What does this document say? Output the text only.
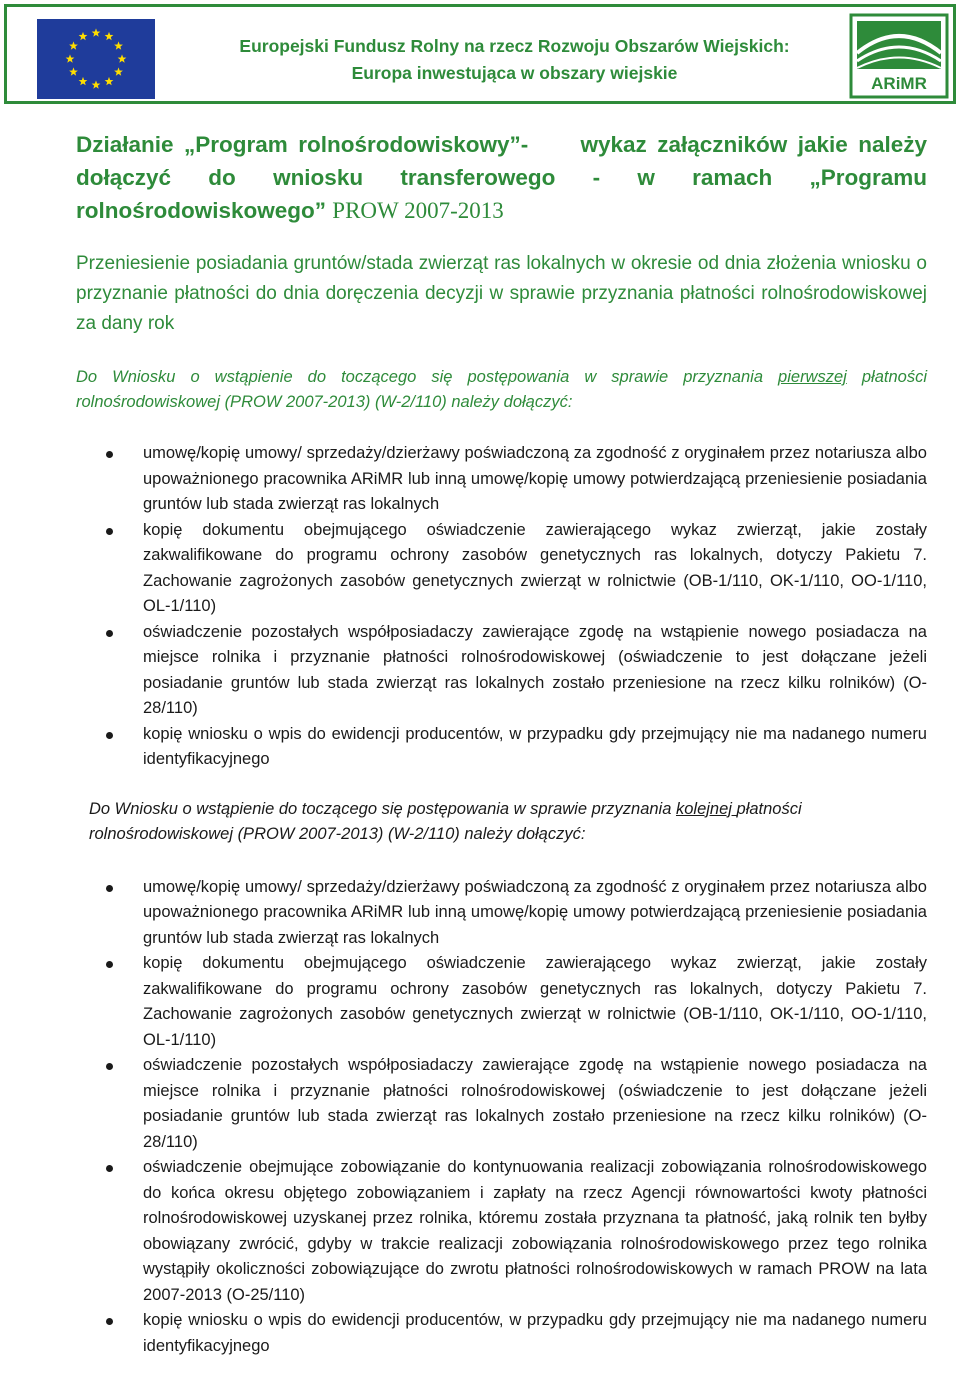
Europejski Fundusz Rolny na rzecz Rozwoju Obszarów Wiejskich:
Europa inwestująca w obszary wiejskie
ARiMR

Działanie „Program rolnośrodowiskowy”- wykaz załączników jakie należy dołączyć do wniosku transferowego - w ramach „Programu rolnośrodowiskowego” PROW 2007-2013

Przeniesienie posiadania gruntów/stada zwierząt ras lokalnych w okresie od dnia złożenia wniosku o przyznanie płatności do dnia doręczenia decyzji w sprawie przyznania płatności rolnośrodowiskowej za dany rok

Do Wniosku o wstąpienie do toczącego się postępowania w sprawie przyznania pierwszej płatności rolnośrodowiskowej (PROW 2007-2013) (W-2/110) należy dołączyć:

umowę/kopię umowy/ sprzedaży/dzierżawy poświadczoną za zgodność z oryginałem przez notariusza albo upoważnionego pracownika ARiMR lub inną umowę/kopię umowy potwierdzającą przeniesienie posiadania gruntów lub stada zwierząt ras lokalnych
kopię dokumentu obejmującego oświadczenie zawierającego wykaz zwierząt, jakie zostały zakwalifikowane do programu ochrony zasobów genetycznych ras lokalnych, dotyczy Pakietu 7. Zachowanie zagrożonych zasobów genetycznych zwierząt w rolnictwie (OB-1/110, OK-1/110, OO-1/110, OL-1/110)
oświadczenie pozostałych współposiadaczy zawierające zgodę na wstąpienie nowego posiadacza na miejsce rolnika i przyznanie płatności rolnośrodowiskowej (oświadczenie to jest dołączane jeżeli posiadanie gruntów lub stada zwierząt ras lokalnych zostało przeniesione na rzecz kilku rolników) (O-28/110)
kopię wniosku o wpis do ewidencji producentów, w przypadku gdy przejmujący nie ma nadanego numeru identyfikacyjnego

Do Wniosku o wstąpienie do toczącego się postępowania w sprawie przyznania kolejnej płatności rolnośrodowiskowej (PROW 2007-2013) (W-2/110) należy dołączyć:

umowę/kopię umowy/ sprzedaży/dzierżawy poświadczoną za zgodność z oryginałem przez notariusza albo upoważnionego pracownika ARiMR lub inną umowę/kopię umowy potwierdzającą przeniesienie posiadania gruntów lub stada zwierząt ras lokalnych
kopię dokumentu obejmującego oświadczenie zawierającego wykaz zwierząt, jakie zostały zakwalifikowane do programu ochrony zasobów genetycznych ras lokalnych, dotyczy Pakietu 7. Zachowanie zagrożonych zasobów genetycznych zwierząt w rolnictwie (OB-1/110, OK-1/110, OO-1/110, OL-1/110)
oświadczenie pozostałych współposiadaczy zawierające zgodę na wstąpienie nowego posiadacza na miejsce rolnika i przyznanie płatności rolnośrodowiskowej (oświadczenie to jest dołączane jeżeli posiadanie gruntów lub stada zwierząt ras lokalnych zostało przeniesione na rzecz kilku rolników) (O-28/110)
oświadczenie obejmujące zobowiązanie do kontynuowania realizacji zobowiązania rolnośrodowiskowego do końca okresu objętego zobowiązaniem i zapłaty na rzecz Agencji równowartości kwoty płatności rolnośrodowiskowej uzyskanej przez rolnika, któremu została przyznana ta płatność, jaką rolnik ten byłby obowiązany zwrócić, gdyby w trakcie realizacji zobowiązania rolnośrodowiskowego przez tego rolnika wystąpiły okoliczności zobowiązujące do zwrotu płatności rolnośrodowiskowych w ramach PROW na lata 2007-2013 (O-25/110)
kopię wniosku o wpis do ewidencji producentów, w przypadku gdy przejmujący nie ma nadanego numeru identyfikacyjnego
